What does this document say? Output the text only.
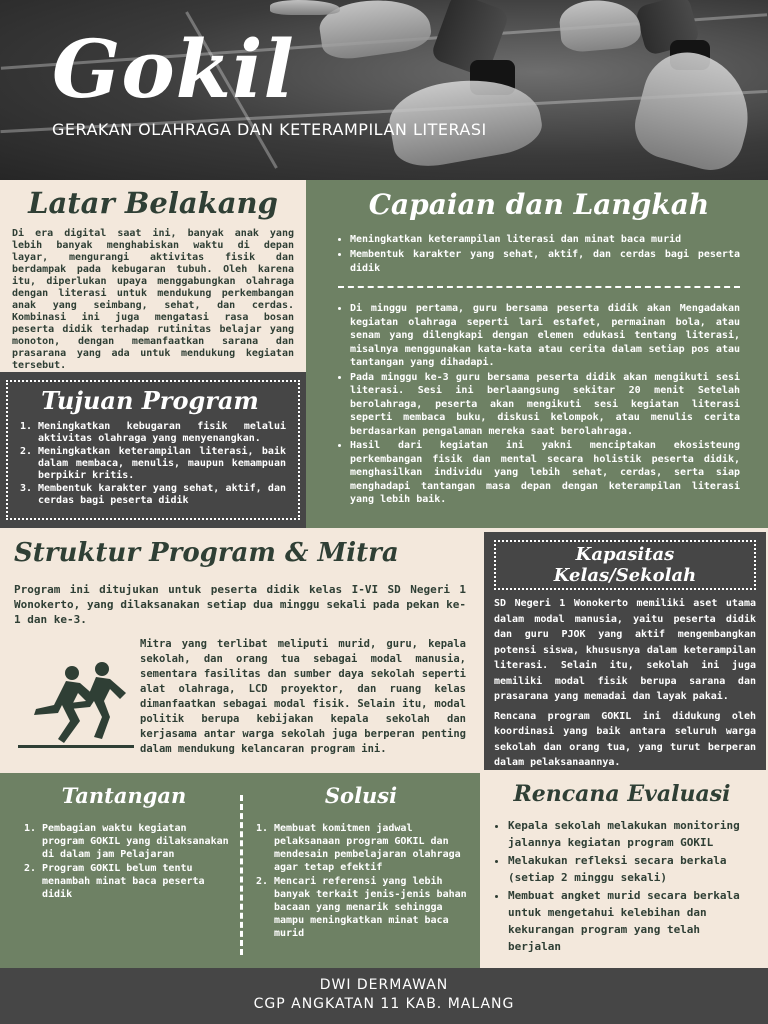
Gokil
GERAKAN OLAHRAGA DAN KETERAMPILAN LITERASI
Latar Belakang
Di era digital saat ini, banyak anak yang lebih banyak menghabiskan waktu di depan layar, mengurangi aktivitas fisik dan berdampak pada kebugaran tubuh. Oleh karena itu, diperlukan upaya menggabungkan olahraga dengan literasi untuk mendukung perkembangan anak yang seimbang, sehat, dan cerdas. Kombinasi ini juga mengatasi rasa bosan peserta didik terhadap rutinitas belajar yang monoton, dengan memanfaatkan sarana dan prasarana yang ada untuk mendukung kegiatan tersebut.
Tujuan Program
1. Meningkatkan kebugaran fisik melalui aktivitas olahraga yang menyenangkan.
2. Meningkatkan keterampilan literasi, baik dalam membaca, menulis, maupun kemampuan berpikir kritis.
3. Membentuk karakter yang sehat, aktif, dan cerdas bagi peserta didik
Capaian dan Langkah
• Meningkatkan keterampilan literasi dan minat baca murid
• Membentuk karakter yang sehat, aktif, dan cerdas bagi peserta didik
• Di minggu pertama, guru bersama peserta didik akan Mengadakan kegiatan olahraga seperti lari estafet, permainan bola, atau senam yang dilengkapi dengan elemen edukasi tentang literasi, misalnya menggunakan kata-kata atau cerita dalam setiap pos atau tantangan yang dihadapi.
• Pada minggu ke-3 guru bersama peserta didik akan mengikuti sesi literasi. Sesi ini berlaangsung sekitar 20 menit Setelah berolahraga, peserta akan mengikuti sesi kegiatan literasi seperti membaca buku, diskusi kelompok, atau menulis cerita berdasarkan pengalaman mereka saat berolahraga.
• Hasil dari kegiatan ini yakni menciptakan ekosisteung perkembangan fisik dan mental secara holistik peserta didik, menghasilkan individu yang lebih sehat, cerdas, serta siap menghadapi tantangan masa depan dengan keterampilan literasi yang lebih baik.
Struktur Program & Mitra
Program ini ditujukan untuk peserta didik kelas I-VI SD Negeri 1 Wonokerto, yang dilaksanakan setiap dua minggu sekali pada pekan ke-1 dan ke-3.
Mitra yang terlibat meliputi murid, guru, kepala sekolah, dan orang tua sebagai modal manusia, sementara fasilitas dan sumber daya sekolah seperti alat olahraga, LCD proyektor, dan ruang kelas dimanfaatkan sebagai modal fisik. Selain itu, modal politik berupa kebijakan kepala sekolah dan kerjasama antar warga sekolah juga berperan penting dalam mendukung kelancaran program ini.
Kapasitas Kelas/Sekolah
SD Negeri 1 Wonokerto memiliki aset utama dalam modal manusia, yaitu peserta didik dan guru PJOK yang aktif mengembangkan potensi siswa, khususnya dalam keterampilan literasi. Selain itu, sekolah ini juga memiliki modal fisik berupa sarana dan prasarana yang memadai dan layak pakai.
Rencana program GOKIL ini didukung oleh koordinasi yang baik antara seluruh warga sekolah dan orang tua, yang turut berperan dalam pelaksanaannya.
Tantangan
1. Pembagian waktu kegiatan program GOKIL yang dilaksanakan di dalam jam Pelajaran
2. Program GOKIL belum tentu menambah minat baca peserta didik
Solusi
1. Membuat komitmen jadwal pelaksanaan program GOKIL dan mendesain pembelajaran olahraga agar tetap efektif
2. Mencari referensi yang lebih banyak terkait jenis-jenis bahan bacaan yang menarik sehingga mampu meningkatkan minat baca murid
Rencana Evaluasi
• Kepala sekolah melakukan monitoring jalannya kegiatan program GOKIL
• Melakukan refleksi secara berkala (setiap 2 minggu sekali)
• Membuat angket murid secara berkala untuk mengetahui kelebihan dan kekurangan program yang telah berjalan
DWI DERMAWAN
CGP ANGKATAN 11 KAB. MALANG
